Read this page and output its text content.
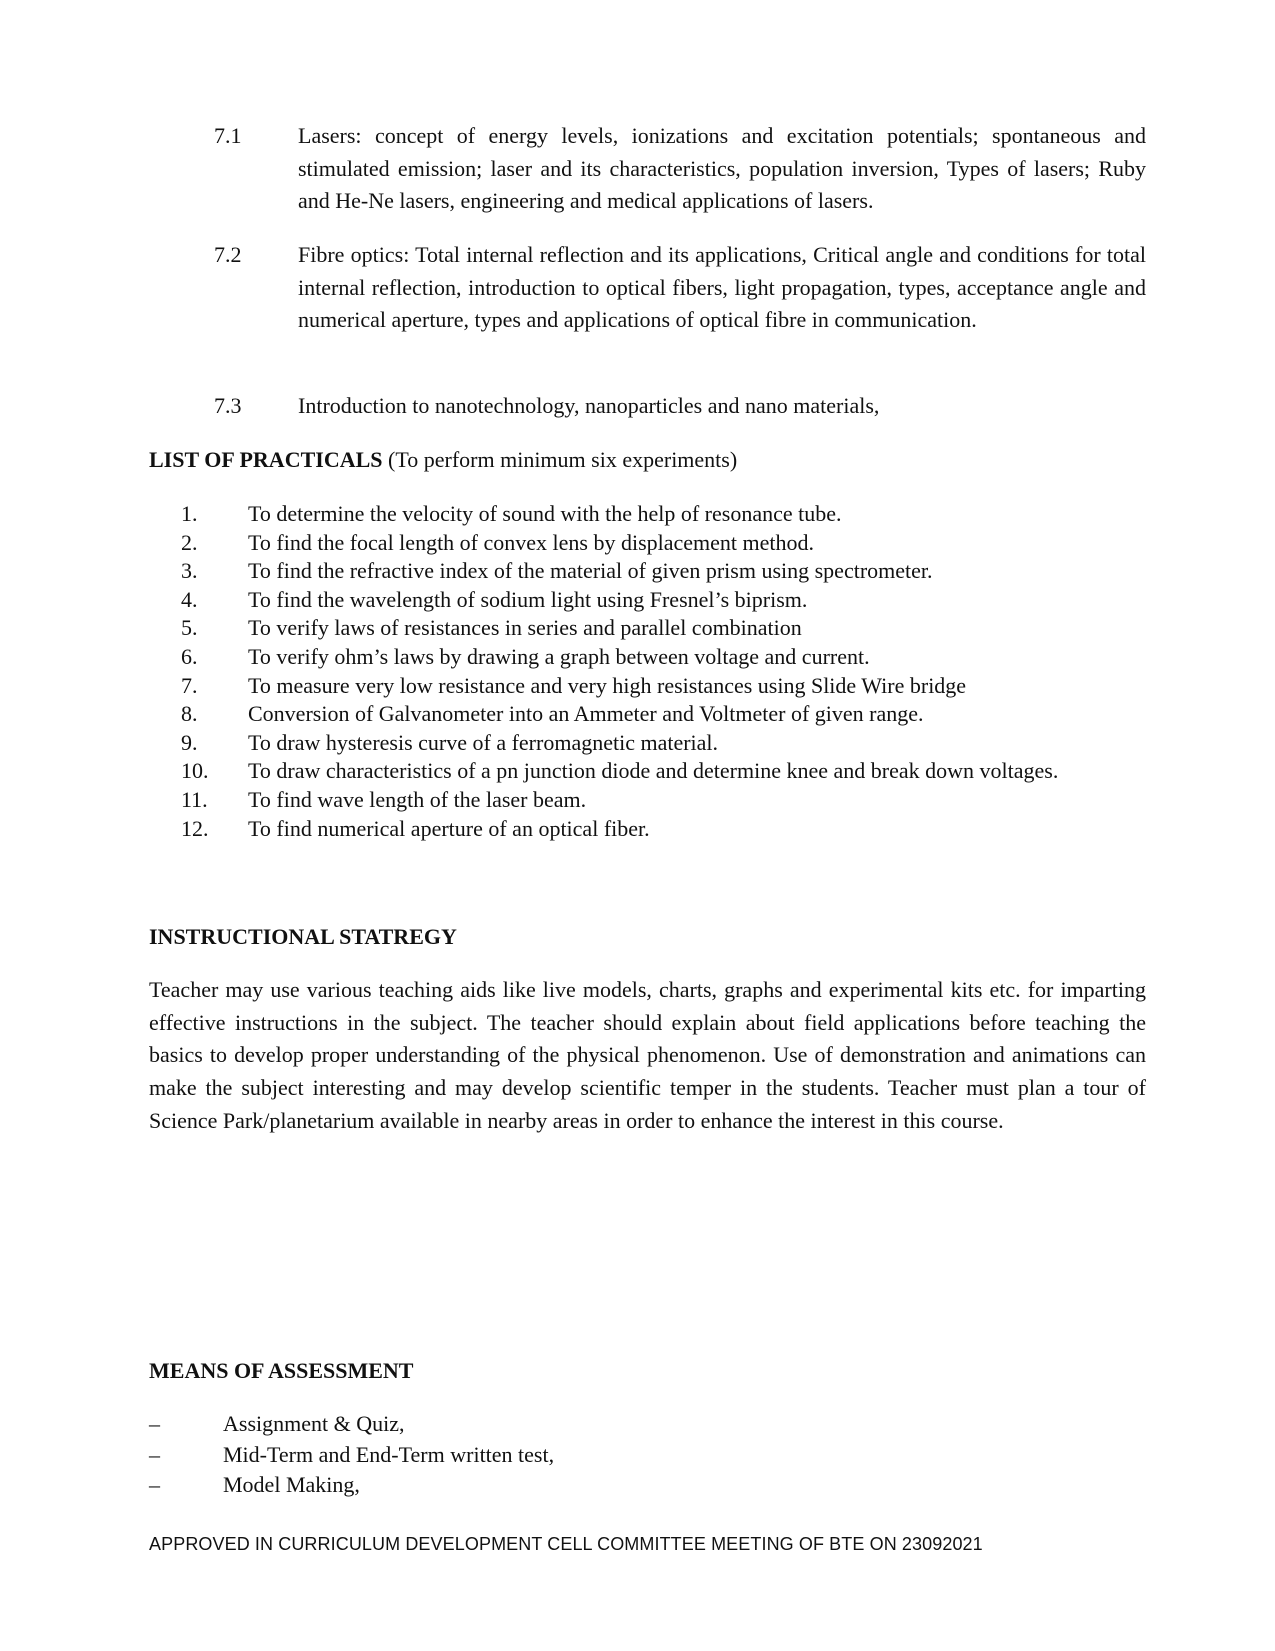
7.1	Lasers: concept of energy levels, ionizations and excitation potentials; spontaneous and stimulated emission; laser and its characteristics, population inversion, Types of lasers; Ruby and He-Ne lasers, engineering and medical applications of lasers.
7.2	Fibre optics: Total internal reflection and its applications, Critical angle and conditions for total internal reflection, introduction to optical fibers, light propagation, types, acceptance angle and numerical aperture, types and applications of optical fibre in communication.
7.3	Introduction to nanotechnology, nanoparticles and nano materials,
LIST OF PRACTICALS (To perform minimum six experiments)
1. To determine the velocity of sound with the help of resonance tube.
2. To find the focal length of convex lens by displacement method.
3. To find the refractive index of the material of given prism using spectrometer.
4. To find the wavelength of sodium light using Fresnel’s biprism.
5. To verify laws of resistances in series and parallel combination
6. To verify ohm’s laws by drawing a graph between voltage and current.
7. To measure very low resistance and very high resistances using Slide Wire bridge
8. Conversion of Galvanometer into an Ammeter and Voltmeter of given range.
9. To draw hysteresis curve of a ferromagnetic material.
10. To draw characteristics of a pn junction diode and determine knee and break down voltages.
11. To find wave length of the laser beam.
12. To find numerical aperture of an optical fiber.
INSTRUCTIONAL STATREGY

Teacher may use various teaching aids like live models, charts, graphs and experimental kits etc. for imparting effective instructions in the subject. The teacher should explain about field applications before teaching the basics to develop proper understanding of the physical phenomenon. Use of demonstration and animations can make the subject interesting and may develop scientific temper in the students. Teacher must plan a tour of Science Park/planetarium available in nearby areas in order to enhance the interest in this course.

MEANS OF ASSESSMENT
–	Assignment & Quiz,
–	Mid-Term and End-Term written test,
–	Model Making,
APPROVED IN CURRICULUM DEVELOPMENT CELL COMMITTEE MEETING OF BTE ON 23092021
